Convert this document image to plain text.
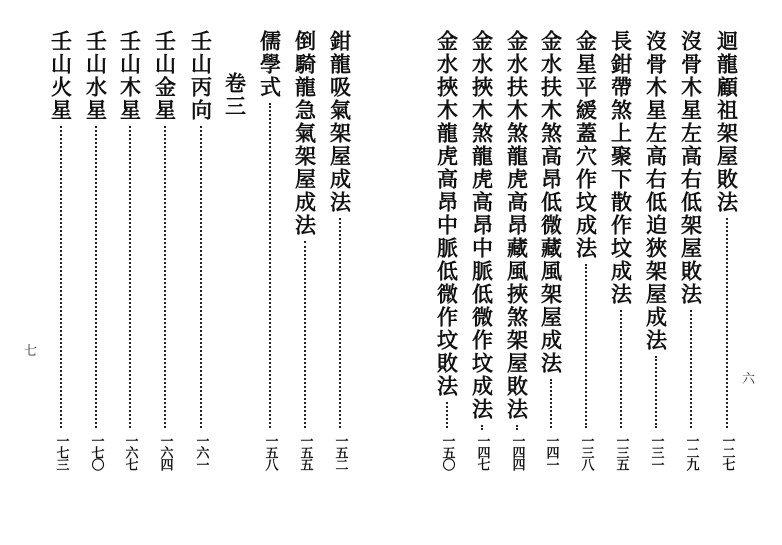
迴龍顧祖架屋敗法
一二七
沒骨木星左高右低架屋敗法
一二九
沒骨木星左高右低迫狹架屋成法
一三一
長鉗帶煞上聚下散作坟成法
一三五
金星平緩蓋穴作坟成法
一三八
金水扶木煞高昂低微藏風架屋成法
一四一
金水扶木煞龍虎高昂藏風挾煞架屋敗法
一四四
金水挾木煞龍虎高昂中脈低微作坟成法
一四七
金水挾木龍虎高昂中脈低微作坟敗法
一五〇
六
鉗龍吸氣架屋成法
一五二
倒騎龍急氣架屋成法
一五五
儒學式
一五八
卷三
壬山丙向
一六一
壬山金星
一六四
壬山木星
一六七
壬山水星
一七〇
壬山火星
一七三
七
